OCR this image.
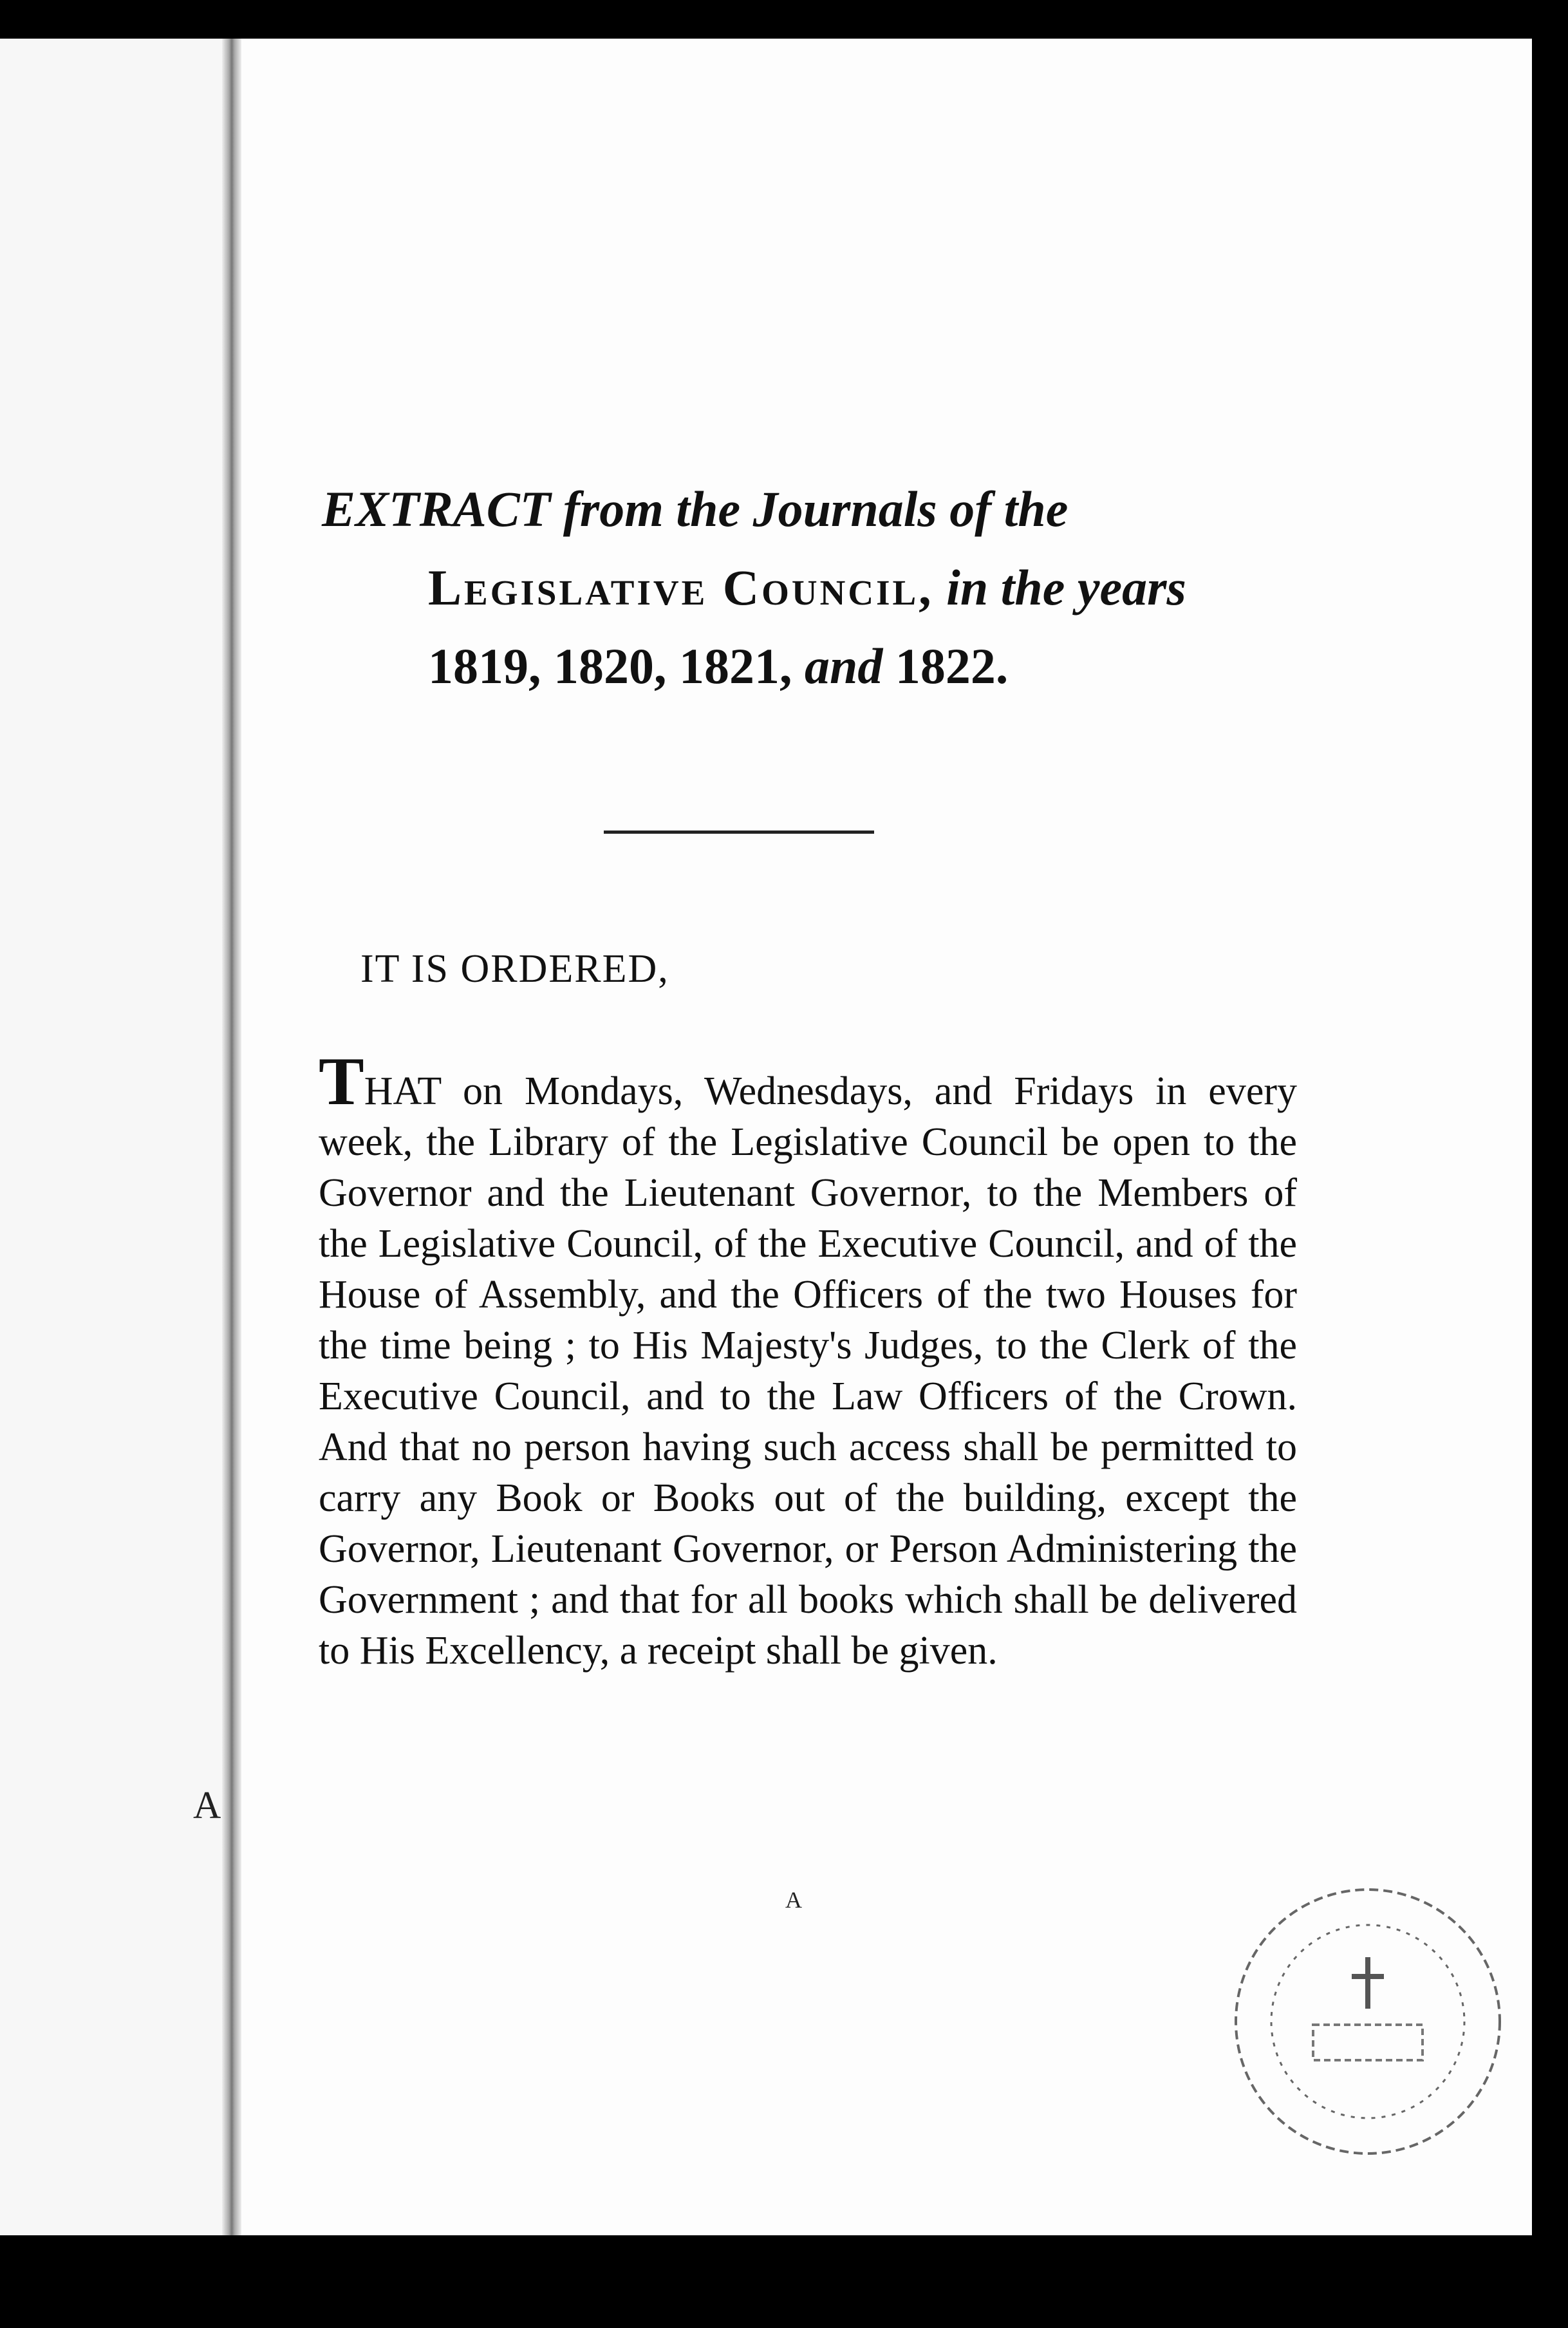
EXTRACT from the Journals of the
Legislative Council, in the years
1819, 1820, 1821, and 1822.
IT IS ORDERED,
THAT on Mondays, Wednesdays, and Fridays in every week, the Library of the Legislative Council be open to the Governor and the Lieutenant Governor, to the Members of the Legislative Council, of the Executive Council, and of the House of Assembly, and the Officers of the two Houses for the time being ; to His Majesty's Judges, to the Clerk of the Executive Council, and to the Law Officers of the Crown. And that no person having such access shall be permitted to carry any Book or Books out of the building, except the Governor, Lieutenant Governor, or Person Administering the Government ; and that for all books which shall be delivered to His Excellency, a receipt shall be given.
A
A
